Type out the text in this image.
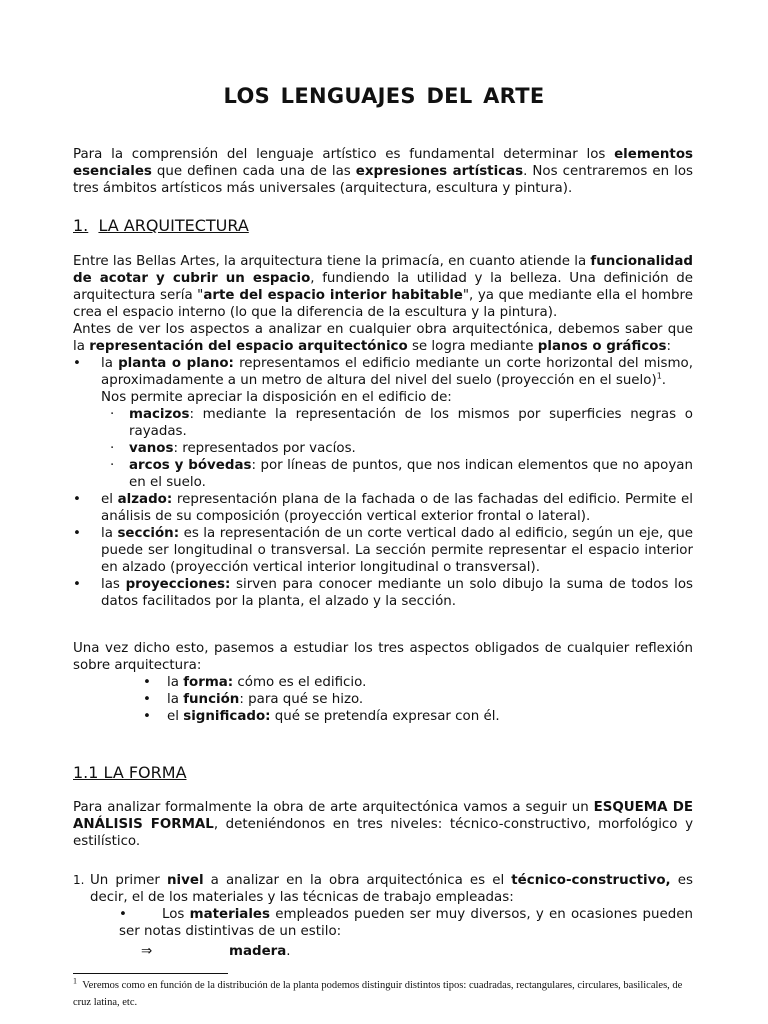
LOS LENGUAJES DEL ARTE

Para la comprensión del lenguaje artístico es fundamental determinar los elementos esenciales que definen cada una de las expresiones artísticas. Nos centraremos en los tres ámbitos artísticos más universales (arquitectura, escultura y pintura).

1. LA ARQUITECTURA

Entre las Bellas Artes, la arquitectura tiene la primacía, en cuanto atiende la funcionalidad de acotar y cubrir un espacio, fundiendo la utilidad y la belleza. Una definición de arquitectura sería "arte del espacio interior habitable", ya que mediante ella el hombre crea el espacio interno (lo que la diferencia de la escultura y la pintura).

Antes de ver los aspectos a analizar en cualquier obra arquitectónica, debemos saber que la representación del espacio arquitectónico se logra mediante planos o gráficos:

• la planta o plano: representamos el edificio mediante un corte horizontal del mismo, aproximadamente a un metro de altura del nivel del suelo (proyección en el suelo)$^1$.
Nos permite apreciar la disposición en el edificio de:
· macizos: mediante la representación de los mismos por superficies negras o rayadas.
· vanos: representados por vacíos.
· arcos y bóvedas: por líneas de puntos, que nos indican elementos que no apoyan en el suelo.
• el alzado: representación plana de la fachada o de las fachadas del edificio. Permite el análisis de su composición (proyección vertical exterior frontal o lateral).
• la sección: es la representación de un corte vertical dado al edificio, según un eje, que puede ser longitudinal o transversal. La sección permite representar el espacio interior en alzado (proyección vertical interior longitudinal o transversal).
• las proyecciones: sirven para conocer mediante un solo dibujo la suma de todos los datos facilitados por la planta, el alzado y la sección.

Una vez dicho esto, pasemos a estudiar los tres aspectos obligados de cualquier reflexión sobre arquitectura:

• la forma: cómo es el edificio.
• la función: para qué se hizo.
• el significado: qué se pretendía expresar con él.
1.1 LA FORMA

Para analizar formalmente la obra de arte arquitectónica vamos a seguir un ESQUEMA DE ANÁLISIS FORMAL, deteniéndonos en tres niveles: técnico-constructivo, morfológico y estilístico.

1. Un primer nivel a analizar en la obra arquitectónica es el técnico-constructivo, es decir, el de los materiales y las técnicas de trabajo empleadas:
•	Los materiales empleados pueden ser muy diversos, y en ocasiones pueden ser notas distintivas de un estilo:
⇒	madera.
$^1$ Veremos como en función de la distribución de la planta podemos distinguir distintos tipos: cuadradas, rectangulares, circulares, basilicales, de cruz latina, etc.
